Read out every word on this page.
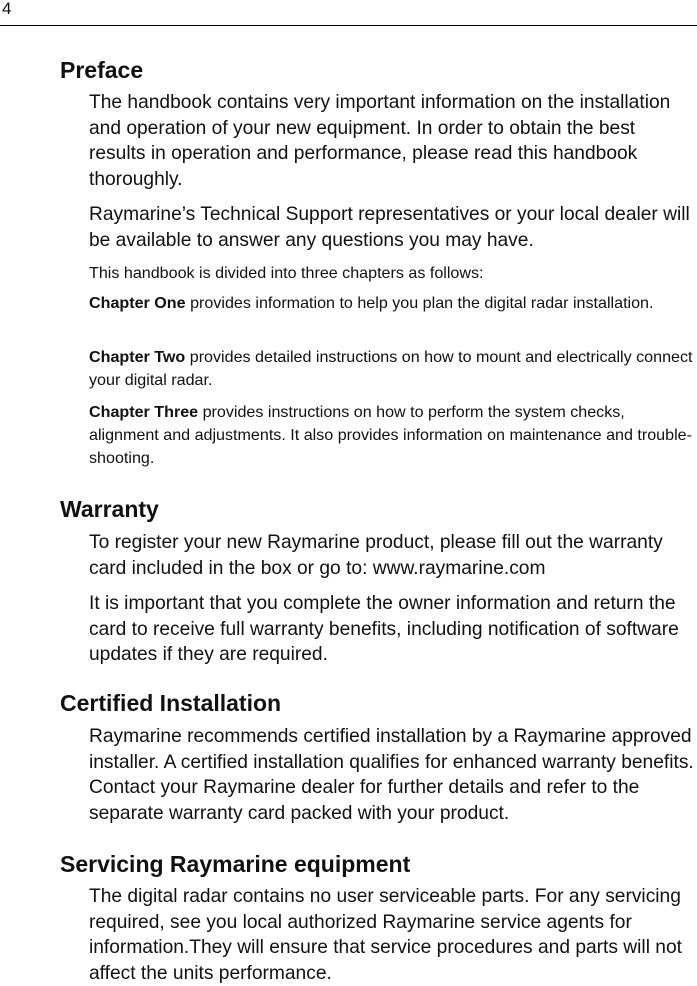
4
Preface

The handbook contains very important information on the installation and operation of your new equipment. In order to obtain the best results in operation and performance, please read this handbook thoroughly.

Raymarine’s Technical Support representatives or your local dealer will be available to answer any questions you may have.

This handbook is divided into three chapters as follows:

Chapter One provides information to help you plan the digital radar installation.

Chapter Two provides detailed instructions on how to mount and electrically connect your digital radar.

Chapter Three provides instructions on how to perform the system checks, alignment and adjustments. It also provides information on maintenance and trouble-shooting.

Warranty

To register your new Raymarine product, please fill out the warranty card included in the box or go to: www.raymarine.com

It is important that you complete the owner information and return the card to receive full warranty benefits, including notification of software updates if they are required.

Certified Installation

Raymarine recommends certified installation by a Raymarine approved installer. A certified installation qualifies for enhanced warranty benefits. Contact your Raymarine dealer for further details and refer to the separate warranty card packed with your product.

Servicing Raymarine equipment

The digital radar contains no user serviceable parts. For any servicing required, see you local authorized Raymarine service agents for information.They will ensure that service procedures and parts will not affect the units performance.
